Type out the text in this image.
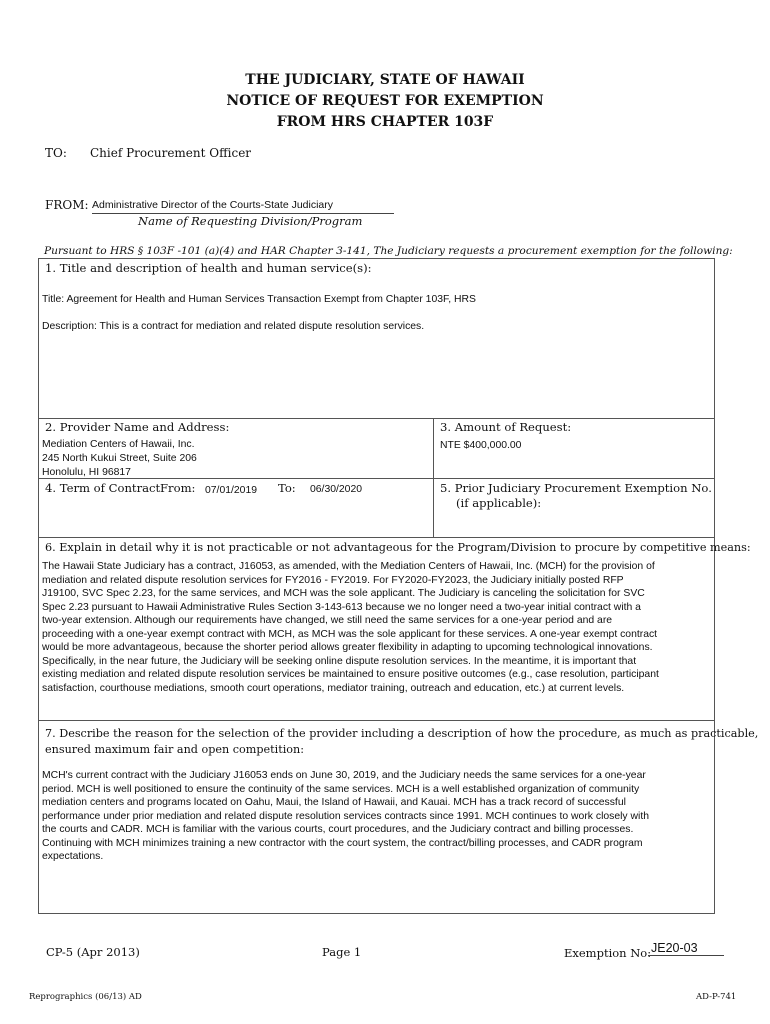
THE JUDICIARY, STATE OF HAWAII
NOTICE OF REQUEST FOR EXEMPTION
FROM HRS CHAPTER 103F
TO: Chief Procurement Officer
FROM: Administrative Director of the Courts-State Judiciary
Name of Requesting Division/Program
Pursuant to HRS § 103F -101 (a)(4) and HAR Chapter 3-141, The Judiciary requests a procurement exemption for the following:
1. Title and description of health and human service(s):
Title: Agreement for Health and Human Services Transaction Exempt from Chapter 103F, HRS
Description: This is a contract for mediation and related dispute resolution services.
2. Provider Name and Address:
Mediation Centers of Hawaii, Inc.
245 North Kukui Street, Suite 206
Honolulu, HI 96817
3. Amount of Request:
NTE $400,000.00
4. Term of Contract From: 07/01/2019 To: 06/30/2020	5. Prior Judiciary Procurement Exemption No.
(if applicable):
6. Explain in detail why it is not practicable or not advantageous for the Program/Division to procure by competitive means:
The Hawaii State Judiciary has a contract, J16053, as amended, with the Mediation Centers of Hawaii, Inc. (MCH) for the provision of
mediation and related dispute resolution services for FY2016 - FY2019. For FY2020-FY2023, the Judiciary initially posted RFP
J19100, SVC Spec 2.23, for the same services, and MCH was the sole applicant. The Judiciary is canceling the solicitation for SVC
Spec 2.23 pursuant to Hawaii Administrative Rules Section 3-143-613 because we no longer need a two-year initial contract with a
two-year extension. Although our requirements have changed, we still need the same services for a one-year period and are
proceeding with a one-year exempt contract with MCH, as MCH was the sole applicant for these services. A one-year exempt contract
would be more advantageous, because the shorter period allows greater flexibility in adapting to upcoming technological innovations.
Specifically, in the near future, the Judiciary will be seeking online dispute resolution services. In the meantime, it is important that
existing mediation and related dispute resolution services be maintained to ensure positive outcomes (e.g., case resolution, participant
satisfaction, courthouse mediations, smooth court operations, mediator training, outreach and education, etc.) at current levels.
7. Describe the reason for the selection of the provider including a description of how the procedure, as much as practicable,
ensured maximum fair and open competition:
MCH's current contract with the Judiciary J16053 ends on June 30, 2019, and the Judiciary needs the same services for a one-year
period. MCH is well positioned to ensure the continuity of the same services. MCH is a well established organization of community
mediation centers and programs located on Oahu, Maui, the Island of Hawaii, and Kauai. MCH has a track record of successful
performance under prior mediation and related dispute resolution services contracts since 1991. MCH continues to work closely with
the courts and CADR. MCH is familiar with the various courts, court procedures, and the Judiciary contract and billing processes.
Continuing with MCH minimizes training a new contractor with the court system, the contract/billing processes, and CADR program
expectations.
CP-5 (Apr 2013)	Page 1	Exemption No: JE20-03
Reprographics (06/13) AD	AD-P-741
